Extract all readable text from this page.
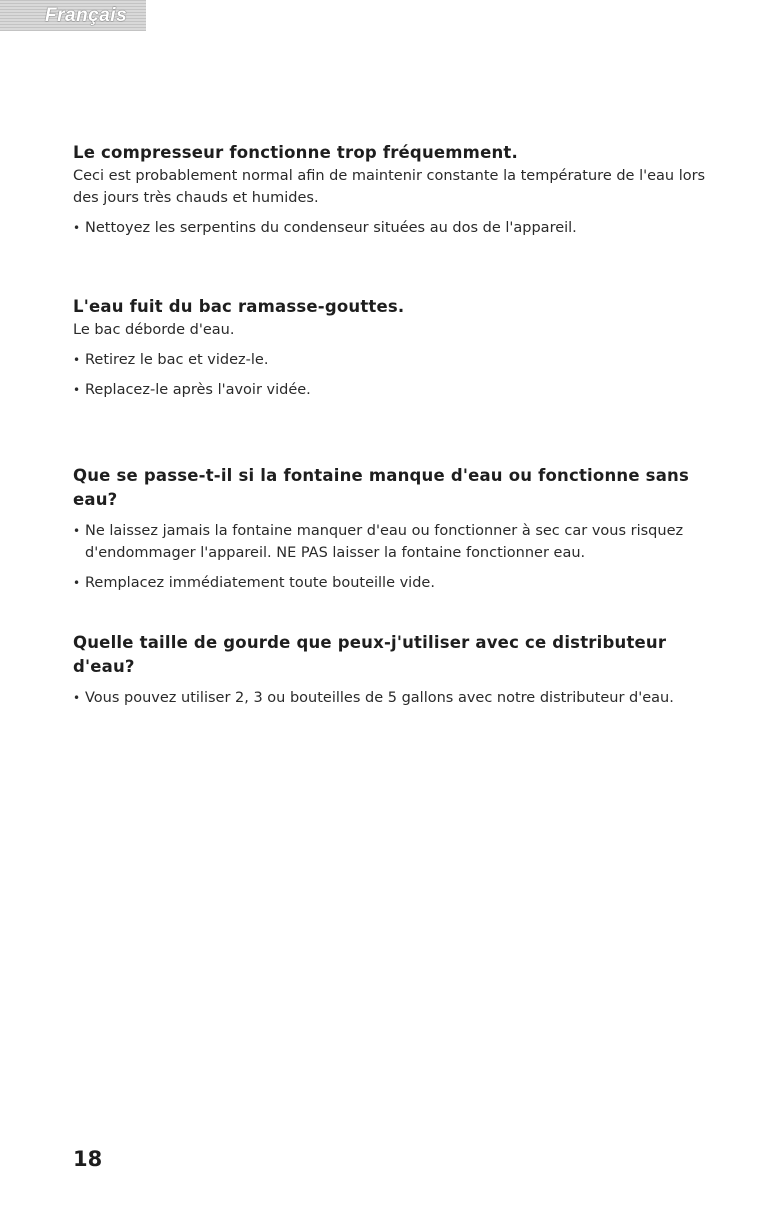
Français
Le compresseur fonctionne trop fréquemment.

Ceci est probablement normal afin de maintenir constante la température de l'eau lors des jours très chauds et humides.

• Nettoyez les serpentins du condenseur situées au dos de l'appareil.
L'eau fuit du bac ramasse-gouttes.

Le bac déborde d'eau.

• Retirez le bac et videz-le.
• Replacez-le après l'avoir vidée.
Que se passe-t-il si la fontaine manque d'eau ou fonctionne sans eau?
• Ne laissez jamais la fontaine manquer d'eau ou fonctionner à sec car vous risquez d'endommager l'appareil. NE PAS laisser la fontaine fonctionner eau.
• Remplacez immédiatement toute bouteille vide.
Quelle taille de gourde que peux-j'utiliser avec ce distributeur d'eau?
• Vous pouvez utiliser 2, 3 ou bouteilles de 5 gallons avec notre distributeur d'eau.
18
